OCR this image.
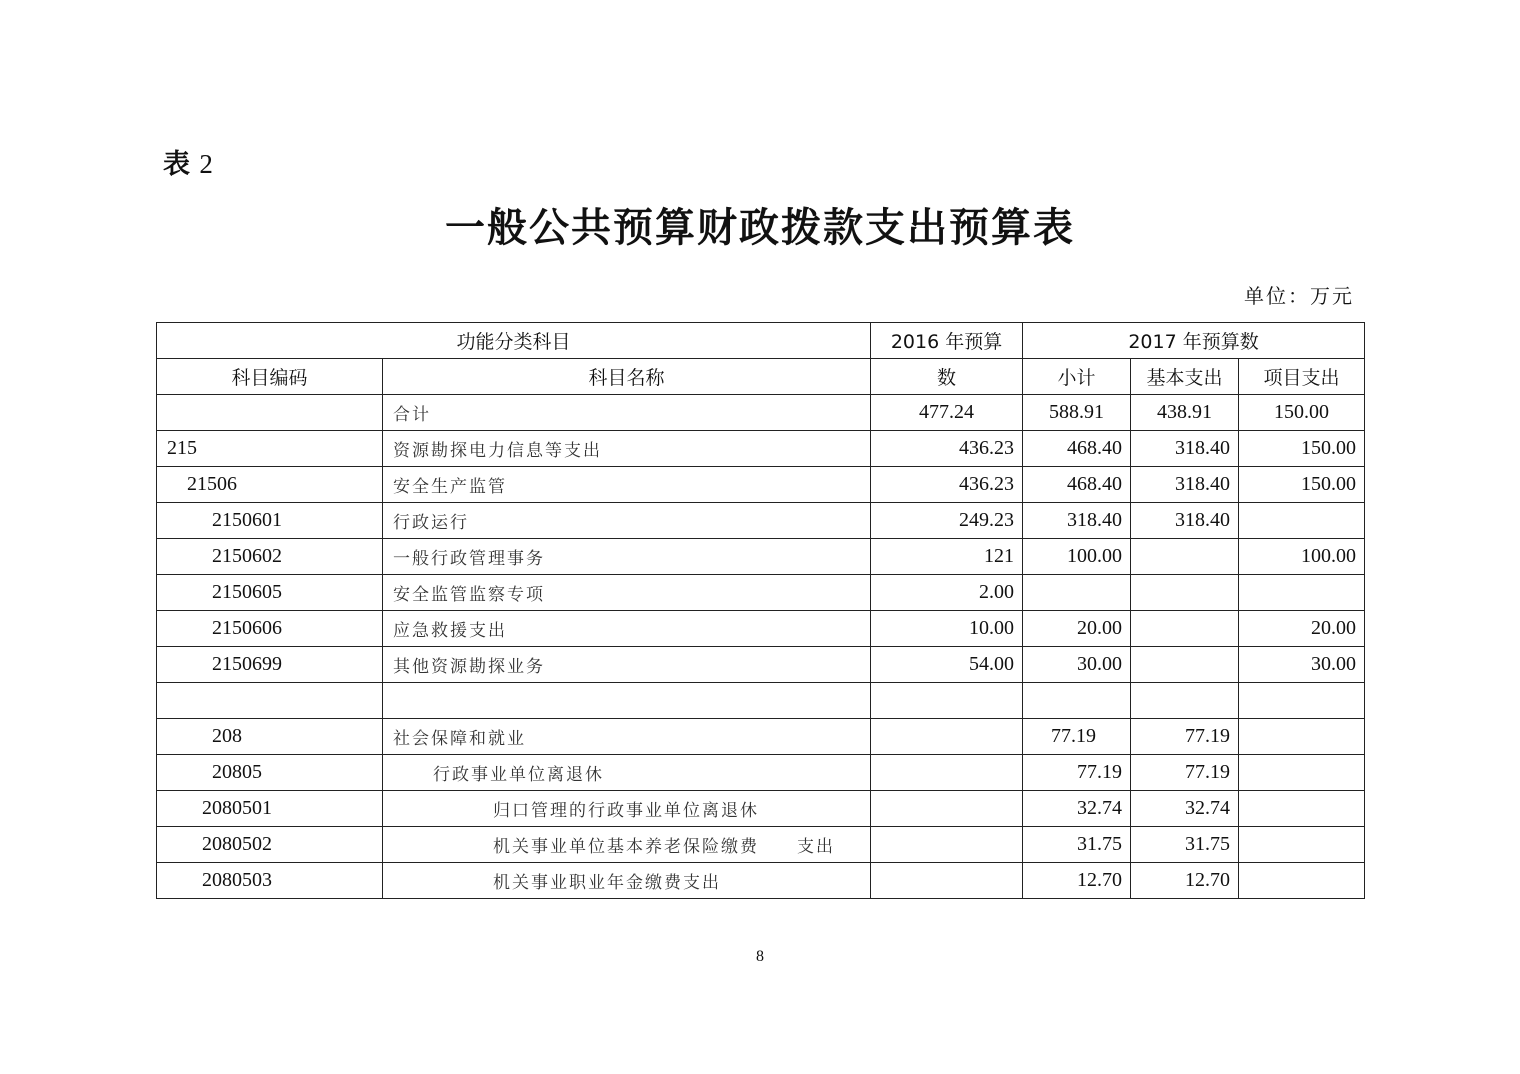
表 2
一般公共预算财政拨款支出预算表
单位：万元
功能分类科目		2016 年预算	2017 年预算数		
科目编码	科目名称	数	小计	基本支出	项目支出
	合计	477.24	588.91	438.91	150.00
215	资源勘探电力信息等支出	436.23	468.40	318.40	150.00
21506	安全生产监管	436.23	468.40	318.40	150.00
2150601	行政运行	249.23	318.40	318.40	
2150602	一般行政管理事务	121	100.00		100.00
2150605	安全监管监察专项	2.00			
2150606	应急救援支出	10.00	20.00		20.00
2150699	其他资源勘探业务	54.00	30.00		30.00

208	社会保障和就业		77.19	77.19	
20805	行政事业单位离退休		77.19	77.19	
2080501	归口管理的行政事业单位离退休		32.74	32.74	
2080502	机关事业单位基本养老保险缴费　　支出		31.75	31.75	
2080503	机关事业职业年金缴费支出		12.70	12.70	
8
